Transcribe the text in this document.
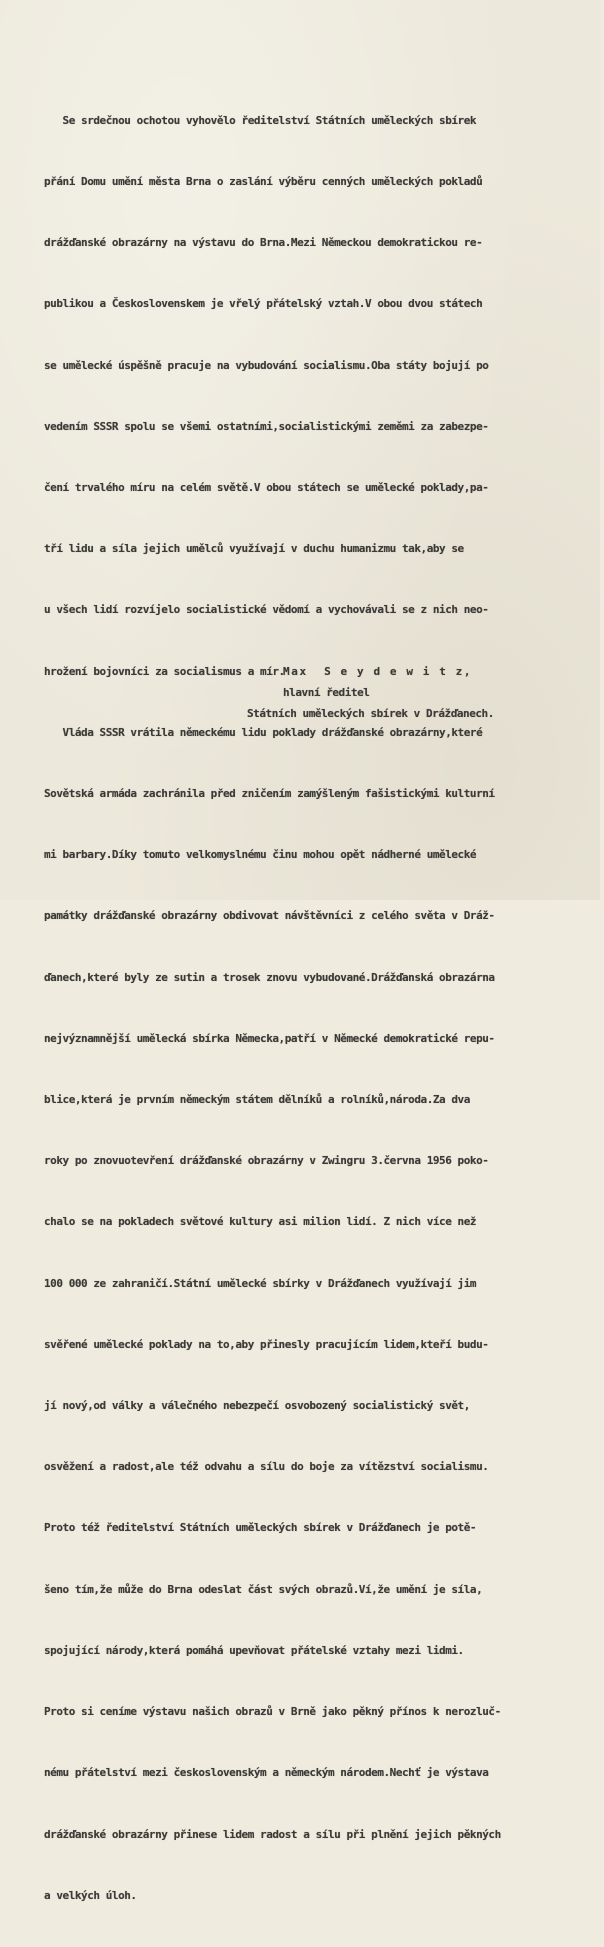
Se srdečnou ochotou vyhovělo ředitelství Státních uměleckých sbírek

přání Domu umění města Brna o zaslání výběru cenných uměleckých pokladů

drážďanské obrazárny na výstavu do Brna.Mezi Německou demokratickou re-

publikou a Československem je vřelý přátelský vztah.V obou dvou státech

se umělecké úspěšně pracuje na vybudování socialismu.Oba státy bojují po

vedením SSSR spolu se všemi ostatními,socialistickými zeměmi za zabezpe-

čení trvalého míru na celém světě.V obou státech se umělecké poklady,pa-

tří lidu a síla jejich umělců využívají v duchu humanizmu tak,aby se

u všech lidí rozvíjelo socialistické vědomí a vychovávali se z nich neo-

hrožení bojovníci za socialismus a mír.

Vláda SSSR vrátila německému lidu poklady drážďanské obrazárny,které

Sovětská armáda zachránila před zničením zamýšleným fašistickými kulturní

mi barbary.Díky tomuto velkomyslnému činu mohou opět nádherné umělecké

památky drážďanské obrazárny obdivovat návštěvníci z celého světa v Dráž-

ďanech,které byly ze sutin a trosek znovu vybudované.Drážďanská obrazárna

nejvýznamnější umělecká sbírka Německa,patří v Německé demokratické repu-

blice,která je prvním německým státem dělníků a rolníků,národa.Za dva

roky po znovuotevření drážďanské obrazárny v Zwingru 3.června 1956 poko-

chalo se na pokladech světové kultury asi milion lidí. Z nich více než

100 000 ze zahraničí.Státní umělecké sbírky v Drážďanech využívají jim

svěřené umělecké poklady na to,aby přinesly pracujícím lidem,kteří budu-

jí nový,od války a válečného nebezpečí osvobozený socialistický svět,

osvěžení a radost,ale též odvahu a sílu do boje za vítězství socialismu.

Proto též ředitelství Státních uměleckých sbírek v Drážďanech je potě-

šeno tím,že může do Brna odeslat část svých obrazů.Ví,že umění je síla,

spojující národy,která pomáhá upevňovat přátelské vztahy mezi lidmi.

Proto si ceníme výstavu našich obrazů v Brně jako pěkný přínos k nerozluč-

nému přátelství mezi československým a německým národem.Nechť je výstava

drážďanské obrazárny přinese lidem radost a sílu při plnění jejich pěkných

a velkých úloh.

Max  S e y d e w i t z,
hlavní ředitel
Státních uměleckých sbírek v Drážďanech.
